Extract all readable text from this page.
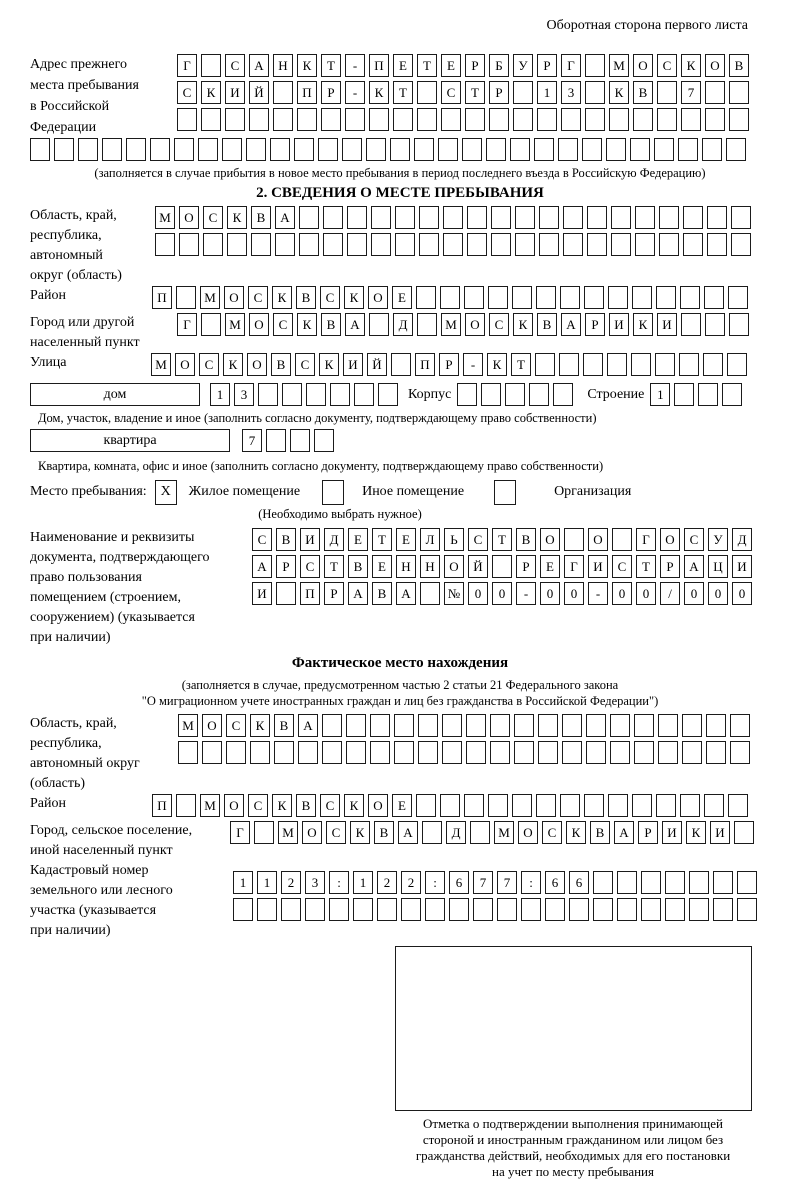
Оборотная сторона первого листа
Адрес прежнего
места пребывания
в Российской
Федерации
Г	С	А	Н	К	Т	-	П	Е	Т	Е	Р	Б	У	Р	Г	М	О	С	К	О	В
С	К	И	Й	П	Р	-	К	Т	С	Т	Р	1	3	К	В	7
(заполняется в случае прибытия в новое место пребывания в период последнего въезда в Российскую Федерацию)
2. СВЕДЕНИЯ О МЕСТЕ ПРЕБЫВАНИЯ
Область, край,
республика,
автономный
округ (область)
М	О	С	К	В	А
Район	П	М	О	С	К	В	С	К	О	Е
Город или другой
населенный пункт
Г	М	О	С	К	В	А	Д	М	О	С	К	В	А	Р	И	К	И
Улица	М	О	С	К	О	В	С	К	И	Й	П	Р	-	К	Т
дом	1	3	Корпус	Строение 1
Дом, участок, владение и иное (заполнить согласно документу, подтверждающему право собственности)
квартира	7
Квартира, комната, офис и иное (заполнить согласно документу, подтверждающему право собственности)
Место пребывания: X	Жилое помещение	Иное помещение	Организация
(Необходимо выбрать нужное)
Наименование и реквизиты
документа, подтверждающего
право пользования
помещением (строением,
сооружением) (указывается
при наличии)
С	В	И	Д	Е	Т	Е	Л	Ь	С	Т	В	О	О	Г	О	С	У	Д
А	Р	С	Т	В	Е	Н	Н	О	Й	Р	Е	Г	И	С	Т	Р	А	Ц	И
И	П	Р	А	В	А	№	0	0	-	0	0	-	0	0	/	0	0	0
Фактическое место нахождения
(заполняется в случае, предусмотренном частью 2 статьи 21 Федерального закона
"О миграционном учете иностранных граждан и лиц без гражданства в Российской Федерации")
Область, край,
республика,
автономный округ
(область)
М	О	С	К	В	А
Район	П	М	О	С	К	В	С	К	О	Е
Город, сельское поселение,
иной населенный пункт
Г	М	О	С	К	В	А	Д	М	О	С	К	В	А	Р	И	К	И
Кадастровый номер
земельного или лесного
участка (указывается
при наличии)
1	1	2	3	:	1	2	2	:	6	7	7	:	6	6
Отметка о подтверждении выполнения принимающей
стороной и иностранным гражданином или лицом без
гражданства действий, необходимых для его постановки
на учет по месту пребывания
